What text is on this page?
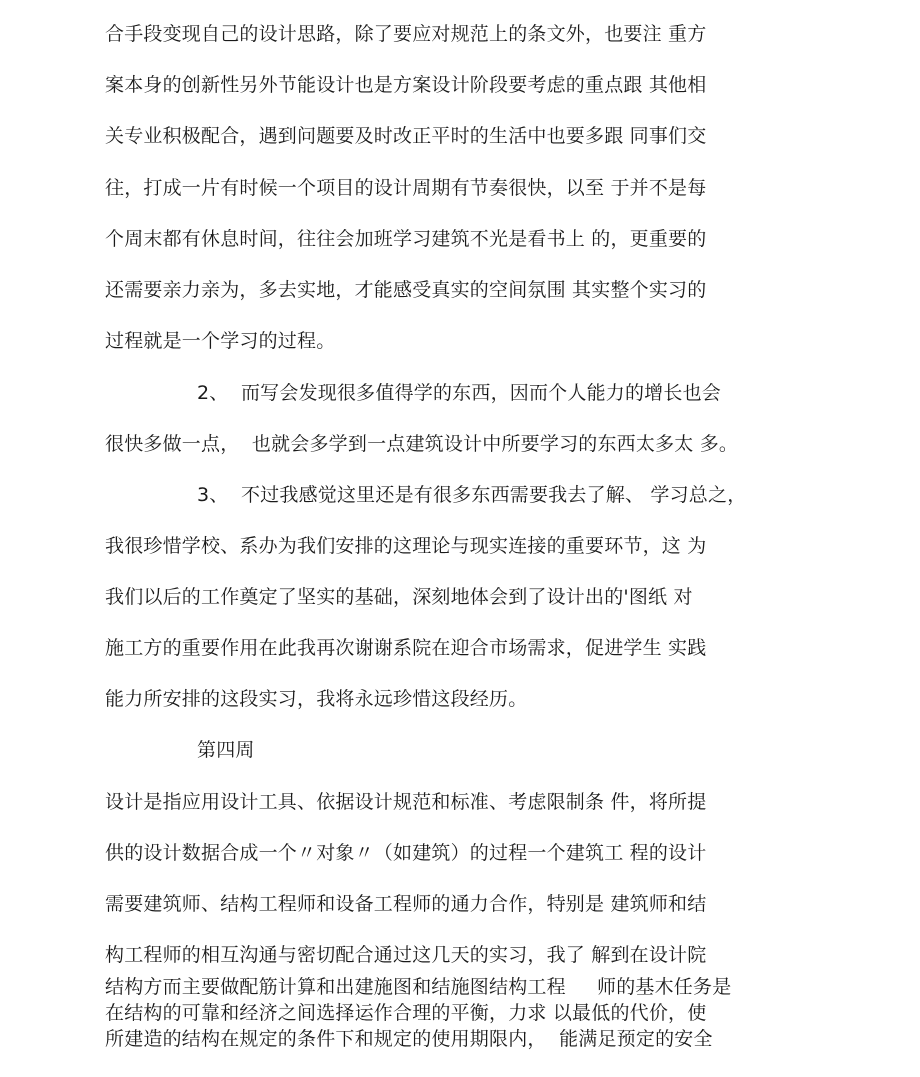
合手段变现自己的设计思路，除了要应对规范上的条文外，也要注 重方
案本身的创新性另外节能设计也是方案设计阶段要考虑的重点跟 其他相
关专业积极配合，遇到问题要及时改正平时的生活中也要多跟 同事们交
往，打成一片有时候一个项目的设计周期有节奏很快，以至 于并不是每
个周末都有休息时间，往往会加班学习建筑不光是看书上 的，更重要的
还需要亲力亲为，多去实地，才能感受真实的空间氛围 其实整个实习的
过程就是一个学习的过程。
2、  而写会发现很多值得学的东西，因而个人能力的增长也会
很快多做一点，  也就会多学到一点建筑设计中所要学习的东西太多太 多。
3、  不过我感觉这里还是有很多东西需要我去了解、 学习总之，
我很珍惜学校、系办为我们安排的这理论与现实连接的重要环节，这 为
我们以后的工作奠定了坚实的基础，深刻地体会到了设计出的'图纸 对
施工方的重要作用在此我再次谢谢系院在迎合市场需求，促进学生 实践
能力所安排的这段实习，我将永远珍惜这段经历。
第四周
设计是指应用设计工具、依据设计规范和标准、考虑限制条 件，将所提
供的设计数据合成一个〃对象〃（如建筑）的过程一个建筑工 程的设计
需要建筑师、结构工程师和设备工程师的通力合作，特别是 建筑师和结
构工程师的相互沟通与密切配合通过这几天的实习，我了 解到在设计院
结构方而主要做配筋计算和出建施图和结施图结构工程     师的基木任务是
在结构的可靠和经济之间选择运作合理的平衡，力求 以最低的代价，使
所建造的结构在规定的条件下和规定的使用期限内，  能满足预定的安全
